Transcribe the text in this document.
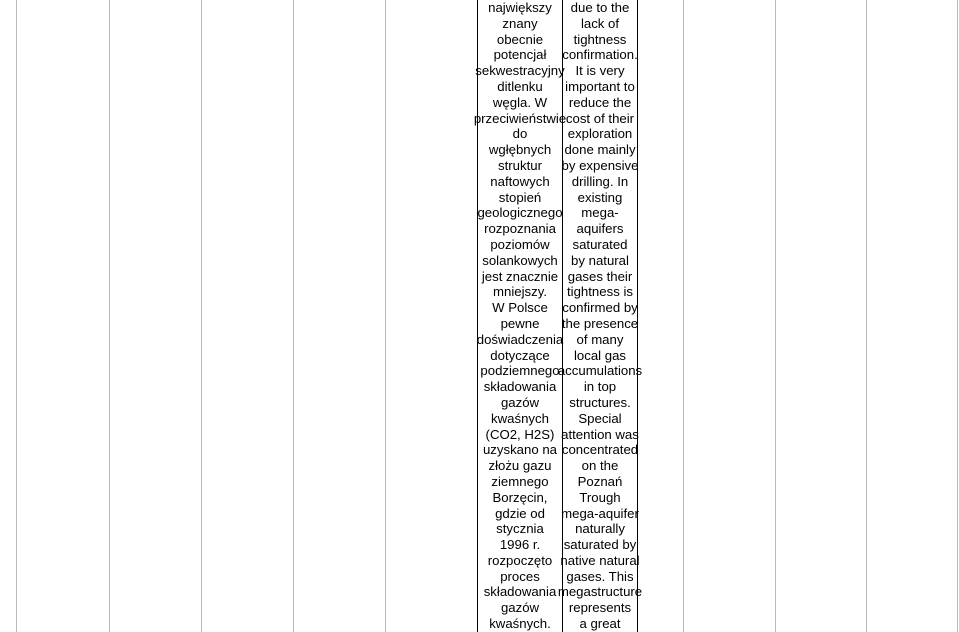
największy
znany
obecnie
potencjał
sekwestracyjny
ditlenku
węgla. W
przeciwieństwie
do
wgłębnych
struktur
naftowych
stopień
geologicznego
rozpoznania
poziomów
solankowych
jest znacznie
mniejszy.
W Polsce
pewne
doświadczenia
dotyczące
podziemnego
składowania
gazów
kwaśnych
(CO2, H2S)
uzyskano na
złożu gazu
ziemnego
Borzęcin,
gdzie od
stycznia
1996 r.
rozpoczęto
proces
składowania
gazów
kwaśnych.
due to the
lack of
tightness
confirmation.
It is very
important to
reduce the
cost of their
exploration
done mainly
by expensive
drilling. In
existing
mega-
aquifers
saturated
by natural
gases their
tightness is
confirmed by
the presence
of many
local gas
accumulations
in top
structures.
Special
attention was
concentrated
on the
Poznań
Trough
mega-aquifer
naturally
saturated by
native natural
gases. This
megastructure
represents
a great
